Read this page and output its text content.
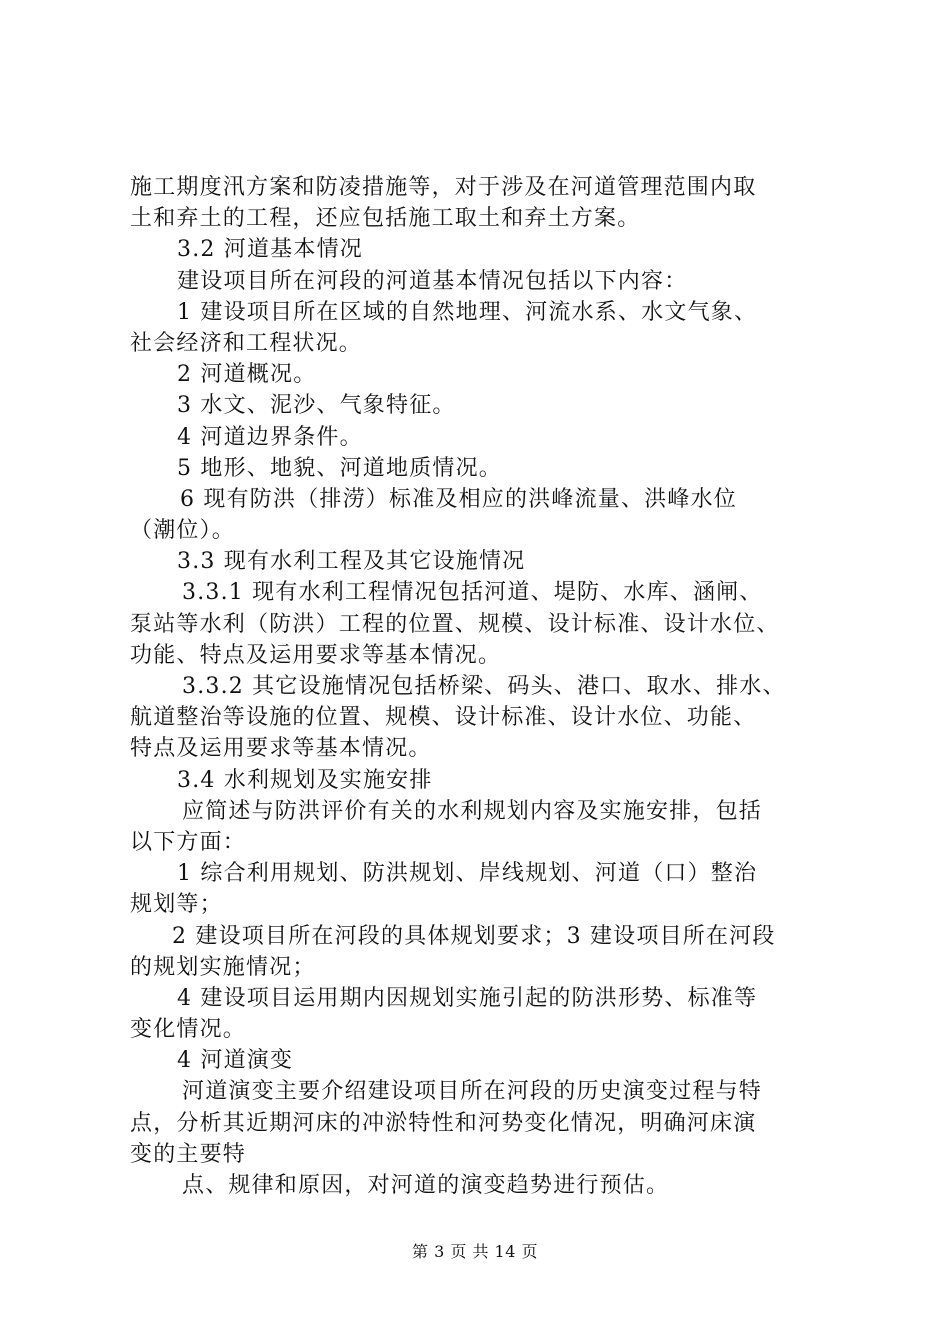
施工期度汛方案和防凌措施等，对于涉及在河道管理范围内取
土和弃土的工程，还应包括施工取土和弃土方案。
3.2 河道基本情况
建设项目所在河段的河道基本情况包括以下内容：
1 建设项目所在区域的自然地理、河流水系、水文气象、
社会经济和工程状况。
2 河道概况。
3 水文、泥沙、气象特征。
4 河道边界条件。
5 地形、地貌、河道地质情况。
6 现有防洪（排涝）标准及相应的洪峰流量、洪峰水位
（潮位）。
3.3 现有水利工程及其它设施情况
3.3.1 现有水利工程情况包括河道、堤防、水库、涵闸、
泵站等水利（防洪）工程的位置、规模、设计标准、设计水位、
功能、特点及运用要求等基本情况。
3.3.2 其它设施情况包括桥梁、码头、港口、取水、排水、
航道整治等设施的位置、规模、设计标准、设计水位、功能、
特点及运用要求等基本情况。
3.4 水利规划及实施安排
应简述与防洪评价有关的水利规划内容及实施安排，包括
以下方面：
1 综合利用规划、防洪规划、岸线规划、河道（口）整治
规划等；
2 建设项目所在河段的具体规划要求；3 建设项目所在河段
的规划实施情况；
4 建设项目运用期内因规划实施引起的防洪形势、标准等
变化情况。
4 河道演变
河道演变主要介绍建设项目所在河段的历史演变过程与特
点，分析其近期河床的冲淤特性和河势变化情况，明确河床演
变的主要特
点、规律和原因，对河道的演变趋势进行预估。
第 3 页 共 14 页
